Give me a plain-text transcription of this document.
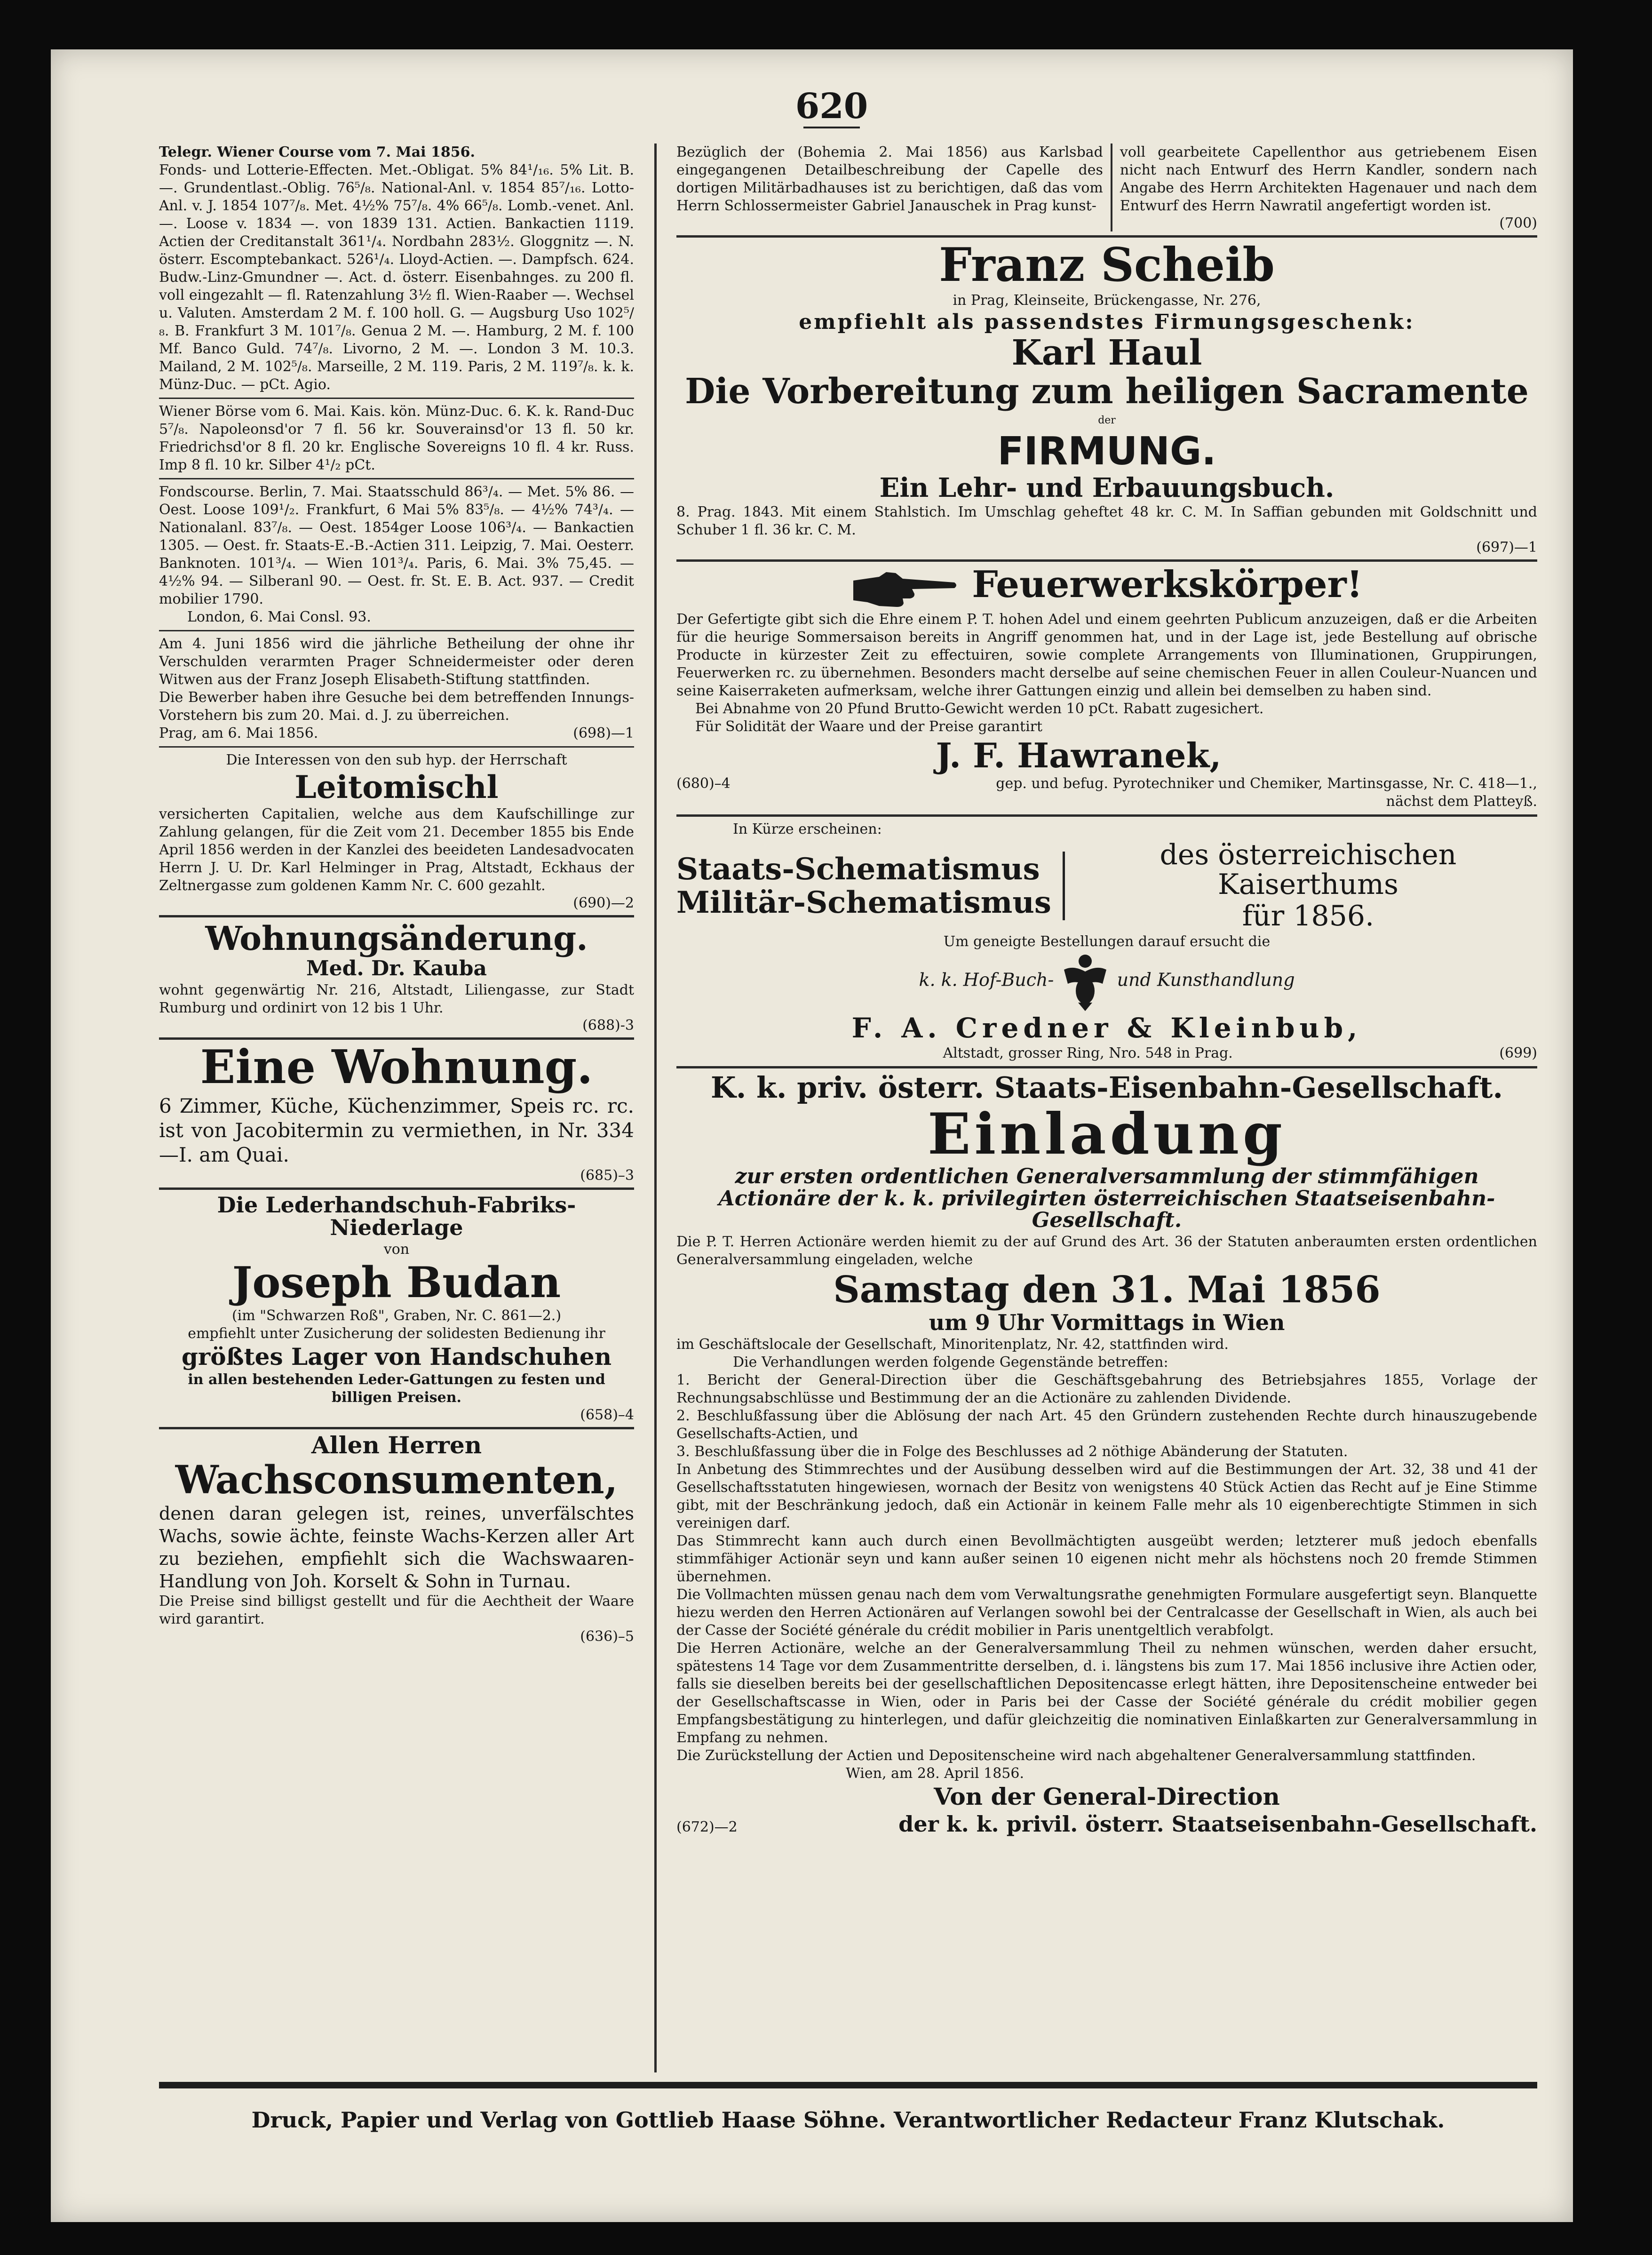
620

Telegr. Wiener Course vom 7. Mai 1856.

Fonds- und Lotterie-Effecten. Met.-Obligat. 5% 84¹/₁₆. 5% Lit. B. —. Grundentlast.-Oblig. 76⁵/₈. National-Anl. v. 1854 85⁷/₁₆. Lotto-Anl. v. J. 1854 107⁷/₈. Met. 4½% 75⁷/₈. 4% 66⁵/₈. Lomb.-venet. Anl. —. Loose v. 1834 —. von 1839 131. Actien. Bankactien 1119. Actien der Creditanstalt 361¹/₄. Nordbahn 283½. Gloggnitz —. N. österr. Escomptebankact. 526¹/₄. Lloyd-Actien. —. Dampfsch. 624. Budw.-Linz-Gmundner —. Act. d. österr. Eisenbahnges. zu 200 fl. voll eingezahlt — fl. Ratenzahlung 3½ fl. Wien-Raaber —. Wechsel u. Valuten. Amsterdam 2 M. f. 100 holl. G. — Augsburg Uso 102⁵/₈. B. Frankfurt 3 M. 101⁷/₈. Genua 2 M. —. Hamburg, 2 M. f. 100 Mf. Banco Guld. 74⁷/₈. Livorno, 2 M. —. London 3 M. 10.3. Mailand, 2 M. 102⁵/₈. Marseille, 2 M. 119. Paris, 2 M. 119⁷/₈. k. k. Münz-Duc. — pCt. Agio.

Wiener Börse vom 6. Mai. Kais. kön. Münz-Duc. 6. K. k. Rand-Duc 5⁷/₈. Napoleonsd'or 7 fl. 56 kr. Souverainsd'or 13 fl. 50 kr. Friedrichsd'or 8 fl. 20 kr. Englische Sovereigns 10 fl. 4 kr. Russ. Imp 8 fl. 10 kr. Silber 4¹/₂ pCt.

Fondscourse. Berlin, 7. Mai. Staatsschuld 86³/₄. — Met. 5% 86. — Oest. Loose 109¹/₂. Frankfurt, 6 Mai 5% 83⁵/₈. — 4½% 74³/₄. — Nationalanl. 83⁷/₈. — Oest. 1854ger Loose 106³/₄. — Bankactien 1305. — Oest. fr. Staats-E.-B.-Actien 311. Leipzig, 7. Mai. Oesterr. Banknoten. 101³/₄. — Wien 101³/₄. Paris, 6. Mai. 3% 75,45. — 4½% 94. — Silberanl 90. — Oest. fr. St. E. B. Act. 937. — Credit mobilier 1790.

London, 6. Mai Consl. 93.

Am 4. Juni 1856 wird die jährliche Betheilung der ohne ihr Verschulden verarmten Prager Schneidermeister oder deren Witwen aus der Franz Joseph Elisabeth-Stiftung stattfinden.

Die Bewerber haben ihre Gesuche bei dem betreffenden Innungs-Vorstehern bis zum 20. Mai. d. J. zu überreichen.

Prag, am 6. Mai 1856.	(698)—1

Die Interessen von den sub hyp. der Herrschaft

Leitomischl

versicherten Capitalien, welche aus dem Kaufschillinge zur Zahlung gelangen, für die Zeit vom 21. December 1855 bis Ende April 1856 werden in der Kanzlei des beeideten Landesadvocaten Herrn J. U. Dr. Karl Helminger in Prag, Altstadt, Eckhaus der Zeltnergasse zum goldenen Kamm Nr. C. 600 gezahlt.

(690)—2
Wohnungsänderung.
Med. Dr. Kauba

wohnt gegenwärtig Nr. 216, Altstadt, Liliengasse, zur Stadt Rumburg und ordinirt von 12 bis 1 Uhr.

(688)-3
Eine Wohnung.

6 Zimmer, Küche, Küchenzimmer, Speis rc. rc. ist von Jacobitermin zu vermiethen, in Nr. 334—I. am Quai.

(685)–3
Die Lederhandschuh-Fabriks-Niederlage

von

Joseph Budan

(im "Schwarzen Roß", Graben, Nr. C. 861—2.)

empfiehlt unter Zusicherung der solidesten Bedienung ihr

größtes Lager von Handschuhen

in allen bestehenden Leder-Gattungen zu festen und billigen Preisen.

(658)–4
Allen Herren
Wachsconsumenten,

denen daran gelegen ist, reines, unverfälschtes Wachs, sowie ächte, feinste Wachs-Kerzen aller Art zu beziehen, empfiehlt sich die Wachswaaren-Handlung von Joh. Korselt & Sohn in Turnau.

Die Preise sind billigst gestellt und für die Aechtheit der Waare wird garantirt.

(636)–5

Bezüglich der (Bohemia 2. Mai 1856) aus Karlsbad eingegangenen Detailbeschreibung der Capelle des dortigen Militärbadhauses ist zu berichtigen, daß das vom Herrn Schlossermeister Gabriel Janauschek in Prag kunst-

voll gearbeitete Capellenthor aus getriebenem Eisen nicht nach Entwurf des Herrn Kandler, sondern nach Angabe des Herrn Architekten Hagenauer und nach dem Entwurf des Herrn Nawratil angefertigt worden ist.

(700)
Franz Scheib

in Prag, Kleinseite, Brückengasse, Nr. 276,

empfiehlt als passendstes Firmungsgeschenk:
Karl Haul
Die Vorbereitung zum heiligen Sacramente

der

FIRMUNG.
Ein Lehr- und Erbauungsbuch.

8. Prag. 1843. Mit einem Stahlstich. Im Umschlag geheftet 48 kr. C. M. In Saffian gebunden mit Goldschnitt und Schuber 1 fl. 36 kr. C. M.

(697)—1
Feuerwerkskörper!

Der Gefertigte gibt sich die Ehre einem P. T. hohen Adel und einem geehrten Publicum anzuzeigen, daß er die Arbeiten für die heurige Sommersaison bereits in Angriff genommen hat, und in der Lage ist, jede Bestellung auf obrische Producte in kürzester Zeit zu effectuiren, sowie complete Arrangements von Illuminationen, Gruppirungen, Feuerwerken rc. zu übernehmen. Besonders macht derselbe auf seine chemischen Feuer in allen Couleur-Nuancen und seine Kaiserraketen aufmerksam, welche ihrer Gattungen einzig und allein bei demselben zu haben sind.

Bei Abnahme von 20 Pfund Brutto-Gewicht werden 10 pCt. Rabatt zugesichert.

Für Solidität der Waare und der Preise garantirt

J. F. Hawranek,
(680)–4	gep. und befug. Pyrotechniker und Chemiker, Martinsgasse, Nr. C. 418—1., nächst dem Platteyß.

In Kürze erscheinen:

Staats-Schematismus
Militär-Schematismus
des österreichischen Kaiserthums
für 1856.

Um geneigte Bestellungen darauf ersucht die

k. k. Hof-Buch-	und Kunsthandlung
F. A. Credner & Kleinbub,
Altstadt, grosser Ring, Nro. 548 in Prag.	(699)
K. k. priv. österr. Staats-Eisenbahn-Gesellschaft.
Einladung
zur ersten ordentlichen Generalversammlung der stimmfähigen Actionäre der k. k. privilegirten österreichischen Staatseisenbahn-Gesellschaft.

Die P. T. Herren Actionäre werden hiemit zu der auf Grund des Art. 36 der Statuten anberaumten ersten ordentlichen Generalversammlung eingeladen, welche

Samstag den 31. Mai 1856
um 9 Uhr Vormittags in Wien

im Geschäftslocale der Gesellschaft, Minoritenplatz, Nr. 42, stattfinden wird.

Die Verhandlungen werden folgende Gegenstände betreffen:

1. Bericht der General-Direction über die Geschäftsgebahrung des Betriebsjahres 1855, Vorlage der Rechnungsabschlüsse und Bestimmung der an die Actionäre zu zahlenden Dividende.
2. Beschlußfassung über die Ablösung der nach Art. 45 den Gründern zustehenden Rechte durch hinauszugebende Gesellschafts-Actien, und
3. Beschlußfassung über die in Folge des Beschlusses ad 2 nöthige Abänderung der Statuten.

In Anbetung des Stimmrechtes und der Ausübung desselben wird auf die Bestimmungen der Art. 32, 38 und 41 der Gesellschaftsstatuten hingewiesen, wornach der Besitz von wenigstens 40 Stück Actien das Recht auf je Eine Stimme gibt, mit der Beschränkung jedoch, daß ein Actionär in keinem Falle mehr als 10 eigenberechtigte Stimmen in sich vereinigen darf.

Das Stimmrecht kann auch durch einen Bevollmächtigten ausgeübt werden; letzterer muß jedoch ebenfalls stimmfähiger Actionär seyn und kann außer seinen 10 eigenen nicht mehr als höchstens noch 20 fremde Stimmen übernehmen.

Die Vollmachten müssen genau nach dem vom Verwaltungsrathe genehmigten Formulare ausgefertigt seyn. Blanquette hiezu werden den Herren Actionären auf Verlangen sowohl bei der Centralcasse der Gesellschaft in Wien, als auch bei der Casse der Société générale du crédit mobilier in Paris unentgeltlich verabfolgt.

Die Herren Actionäre, welche an der Generalversammlung Theil zu nehmen wünschen, werden daher ersucht, spätestens 14 Tage vor dem Zusammentritte derselben, d. i. längstens bis zum 17. Mai 1856 inclusive ihre Actien oder, falls sie dieselben bereits bei der gesellschaftlichen Depositencasse erlegt hätten, ihre Depositenscheine entweder bei der Gesellschaftscasse in Wien, oder in Paris bei der Casse der Société générale du crédit mobilier gegen Empfangsbestätigung zu hinterlegen, und dafür gleichzeitig die nominativen Einlaßkarten zur Generalversammlung in Empfang zu nehmen.

Die Zurückstellung der Actien und Depositenscheine wird nach abgehaltener Generalversammlung stattfinden.

Wien, am 28. April 1856.

Von der General-Direction
(672)—2	der k. k. privil. österr. Staatseisenbahn-Gesellschaft.
Druck, Papier und Verlag von Gottlieb Haase Söhne. Verantwortlicher Redacteur Franz Klutschak.
